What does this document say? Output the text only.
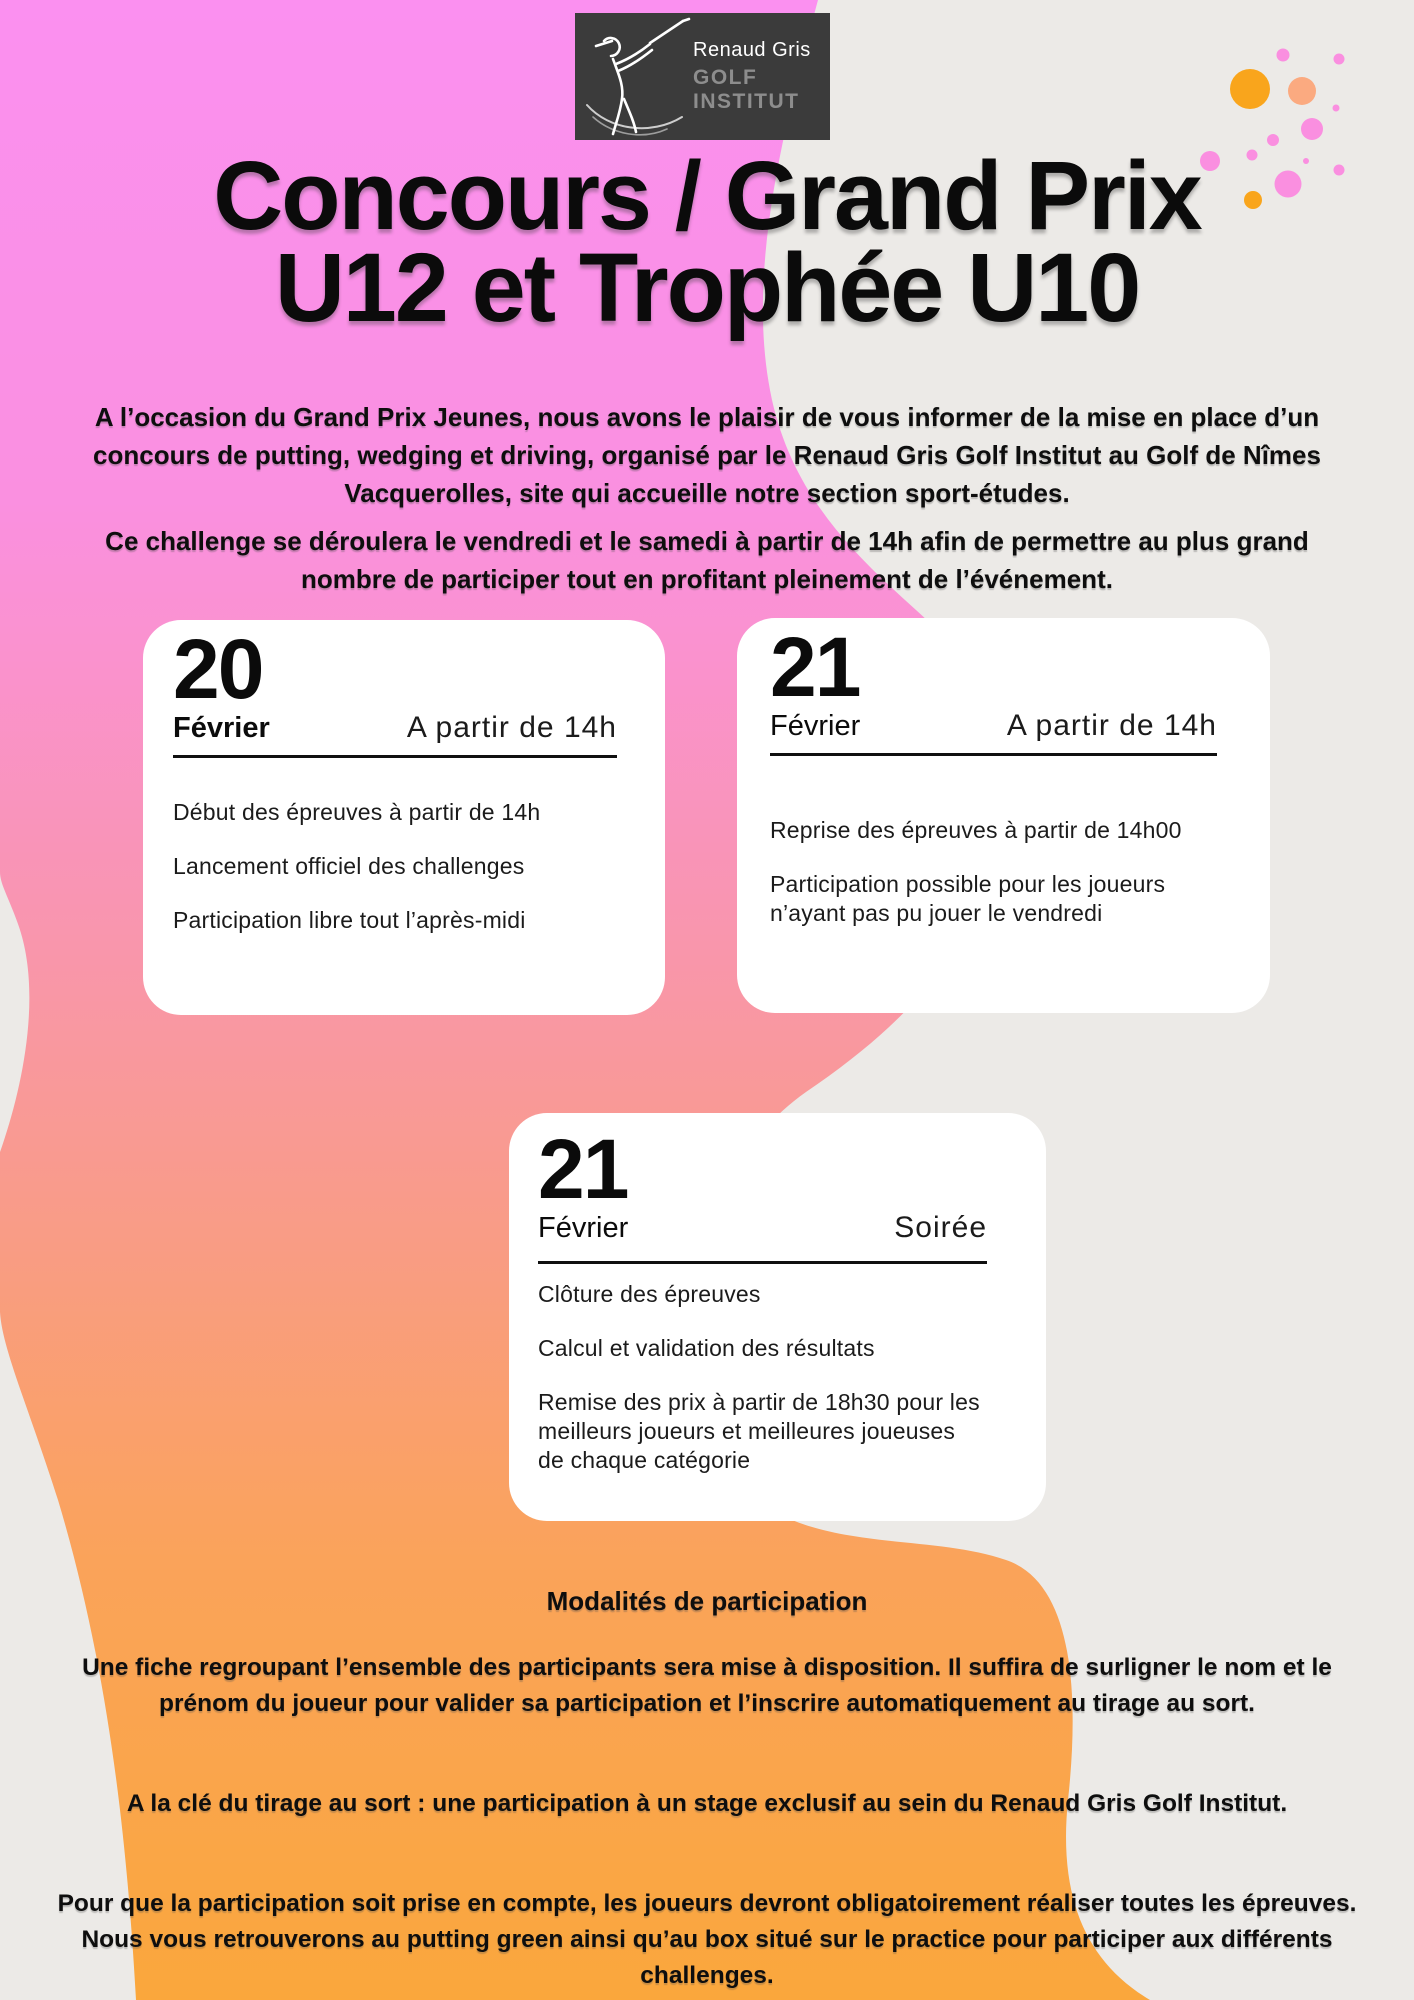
Renaud Gris
GOLF INSTITUT
Concours / Grand Prix
U12 et Trophée U10

A l’occasion du Grand Prix Jeunes, nous avons le plaisir de vous informer de la mise en place d’un concours de putting, wedging et driving, organisé par le Renaud Gris Golf Institut au Golf de Nîmes Vacquerolles, site qui accueille notre section sport-études.

Ce challenge se déroulera le vendredi et le samedi à partir de 14h afin de permettre au plus grand nombre de participer tout en profitant pleinement de l’événement.

20
Février	A partir de 14h
Début des épreuves à partir de 14h
Lancement officiel des challenges
Participation libre tout l’après-midi
21
Février	A partir de 14h
Reprise des épreuves à partir de 14h00
Participation possible pour les joueurs n’ayant pas pu jouer le vendredi
21
Février	Soirée
Clôture des épreuves
Calcul et validation des résultats
Remise des prix à partir de 18h30 pour les meilleurs joueurs et meilleures joueuses de chaque catégorie

Modalités de participation

Une fiche regroupant l’ensemble des participants sera mise à disposition. Il suffira de surligner le nom et le prénom du joueur pour valider sa participation et l’inscrire automatiquement au tirage au sort.

A la clé du tirage au sort : une participation à un stage exclusif au sein du Renaud Gris Golf Institut.

Pour que la participation soit prise en compte, les joueurs devront obligatoirement réaliser toutes les épreuves. Nous vous retrouverons au putting green ainsi qu’au box situé sur le practice pour participer aux différents challenges.
